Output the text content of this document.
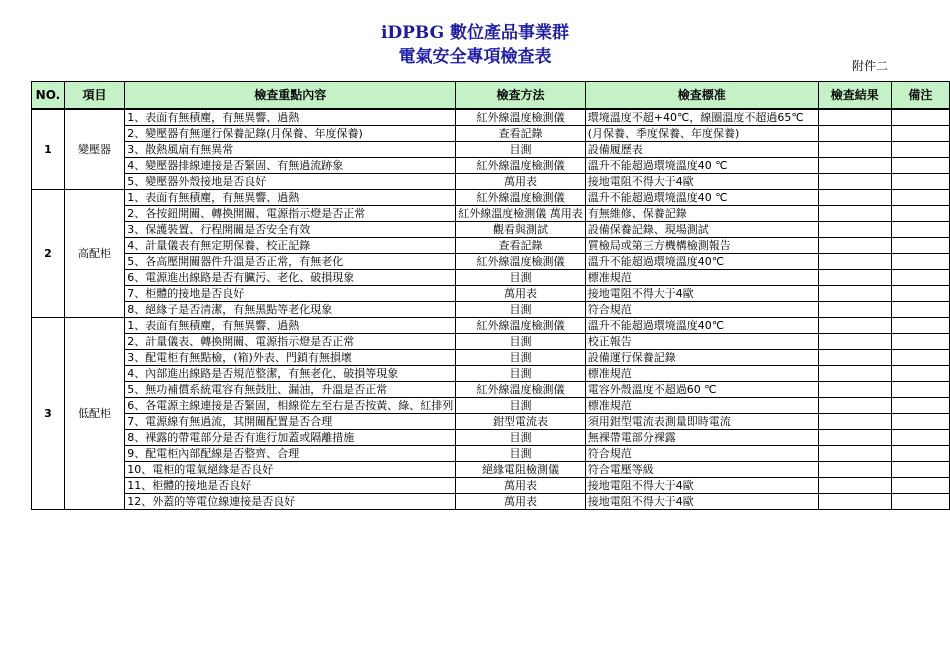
iDPBG 數位產品事業群
電氣安全專項檢查表	附件二
NO.	項目	檢查重點內容	檢查方法	檢查標准	檢查結果	備注
1	變壓器	1、表面有無積塵，有無異響、過熱	紅外線溫度檢測儀	環境溫度不超+40℃，線圈溫度不超過65℃		
		2、變壓器有無運行保養記錄(月保養、年度保養)	查看記錄	(月保養、季度保養、年度保養)		
		3、散熱風扇有無異常	目測	設備履歷表		
		4、變壓器排線連接是否緊固、有無過流跡象	紅外線溫度檢測儀	溫升不能超過環境溫度40 ℃		
		5、變壓器外殼接地是否良好	萬用表	接地電阻不得大于4歐		
2	高配柜	1、表面有無積塵，有無異響、過熱	紅外線溫度檢測儀	溫升不能超過環境溫度40 ℃		
		2、各按鈕開關、轉換開關、電源指示燈是否正常	紅外線溫度檢測儀 萬用表	有無維修、保養記錄		
		3、保護裝置、行程開關是否安全有效	觀看與測試	設備保養記錄、現場測試		
		4、計量儀表有無定期保養、校正記錄	查看記錄	質檢局或第三方機構檢測報告		
		5、各高壓開關器件升溫是否正常，有無老化	紅外線溫度檢測儀	溫升不能超過環境溫度40℃		
		6、電源進出線路是否有臟污、老化、破損現象	目測	標准規范		
		7、柜體的接地是否良好	萬用表	接地電阻不得大于4歐		
		8、絕緣子是否清潔，有無黑點等老化現象	目測	符合規范		
3	低配柜	1、表面有無積塵，有無異響、過熱	紅外線溫度檢測儀	溫升不能超過環境溫度40℃		
		2、計量儀表、轉換開關、電源指示燈是否正常	目測	校正報告		
		3、配電柜有無點檢，(箱)外表、門鎖有無損壞	目測	設備運行保養記錄		
		4、內部進出線路是否規范整潔，有無老化、破損等現象	目測	標准規范		
		5、無功補償系統電容有無鼓肚、漏油，升溫是否正常	紅外線溫度檢測儀	電容外殼溫度不超過60 ℃		
		6、各電源主線連接是否緊固，相線從左至右是否按黃、綠、紅排列	目測	標准規范		
		7、電源線有無過流，其開關配置是否合理	鉗型電流表	須用鉗型電流表測量即時電流		
		8、裸露的帶電部分是否有進行加蓋或隔離措施	目測	無裸帶電部分裸露		
		9、配電柜內部配線是否整齊、合理	目測	符合規范		
		10、電柜的電氣絕緣是否良好	絕緣電阻檢測儀	符合電壓等級		
		11、柜體的接地是否良好	萬用表	接地電阻不得大于4歐		
		12、外蓋的等電位線連接是否良好	萬用表	接地電阻不得大于4歐		
